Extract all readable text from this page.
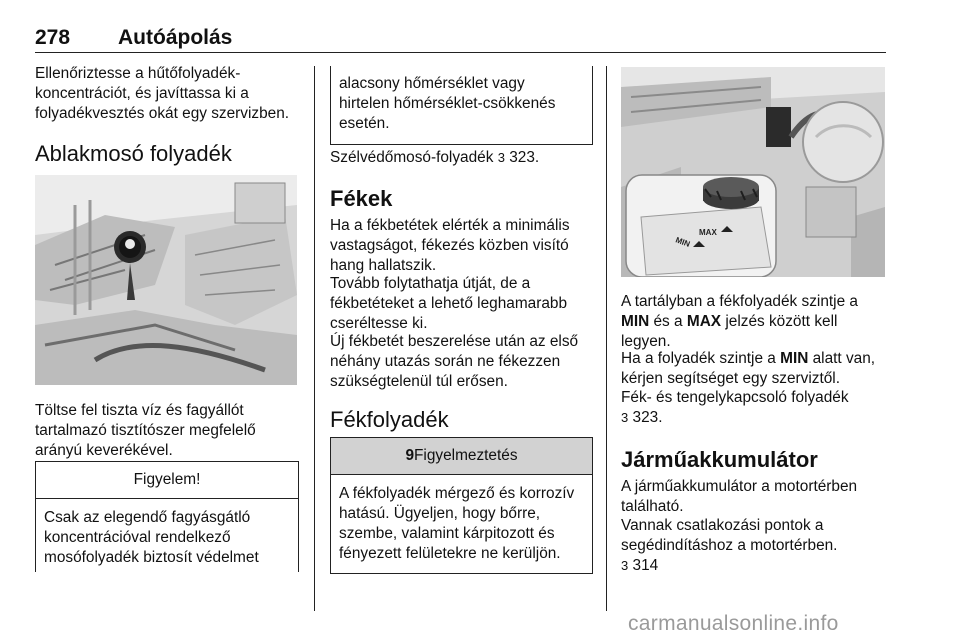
278 Autóápolás

Ellenőriztesse a hűtőfolyadék-

koncentrációt, és javíttassa ki a

folyadékvesztés okát egy szervizben.

Ablakmosó folyadék

Töltse fel tiszta víz és fagyállót

tartalmazó tisztítószer megfelelő

arányú keverékével.

Figyelem!
Csak az elegendő fagyásgátló
koncentrációval rendelkező
mosófolyadék biztosít védelmet
alacsony hőmérséklet vagy
hirtelen hőmérséklet-csökkenés
esetén.
Szélvédőmosó-folyadék 3 323.
Fékek

Ha a fékbetétek elérték a minimális

vastagságot, fékezés közben visító

hang hallatszik.

Tovább folytathatja útját, de a

fékbetéteket a lehető leghamarabb

cseréltesse ki.

Új fékbetét beszerelése után az első

néhány utazás során ne fékezzen

szükségtelenül túl erősen.

Fékfolyadék
9Figyelmeztetés
A fékfolyadék mérgező és korrozív
hatású. Ügyeljen, hogy bőrre,
szembe, valamint kárpitozott és
fényezett felületekre ne kerüljön.
MIN
MAX

A tartályban a fékfolyadék szintje a

MIN és a MAX jelzés között kell

legyen.

Ha a folyadék szintje a MIN alatt van,

kérjen segítséget egy szerviztől.

Fék- és tengelykapcsoló folyadék

3 323.

Járműakkumulátor

A járműakkumulátor a motortérben

található.

Vannak csatlakozási pontok a

segédindításhoz a motortérben.

3 314

carmanualsonline.info
